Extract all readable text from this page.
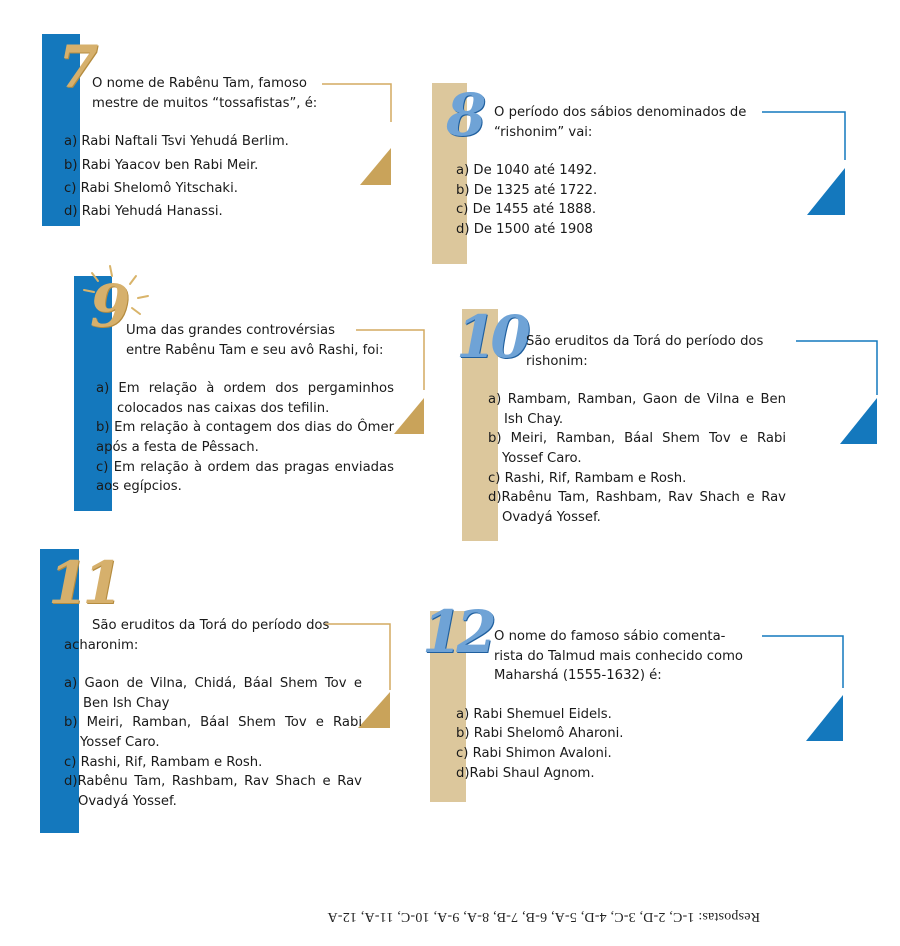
7
8
9	10
11
12

O nome de Rabênu Tam, famoso

mestre de muitos “tossafistas”, é:

a) Rabi Naftali Tsvi Yehudá Berlim.

b) Rabi Yaacov ben Rabi Meir.

c) Rabi Shelomô Yitschaki.

d) Rabi Yehudá Hanassi.

O período dos sábios denominados de

“rishonim” vai:

a) De 1040 até 1492.

b) De 1325 até 1722.

c) De 1455 até 1888.

d) De 1500 até 1908

Uma das grandes controvérsias

entre Rabênu Tam e seu avô Rashi, foi:

a) Em relação à ordem dos pergaminhos colocados nas caixas dos tefilin.

b) Em relação à contagem dos dias do Ômer após a festa de Pêssach.

c) Em relação à ordem das pragas enviadas aos egípcios.

São eruditos da Torá do período dos

rishonim:

a) Rambam, Ramban, Gaon de Vilna e Ben Ish Chay.

b) Meiri, Ramban, Báal Shem Tov e Rabi Yossef Caro.

c) Rashi, Rif, Rambam e Rosh.

d)Rabênu Tam, Rashbam, Rav Shach e Rav Ovadyá Yossef.

São eruditos da Torá do período dos

acharonim:

a) Gaon de Vilna, Chidá, Báal Shem Tov e Ben Ish Chay

b) Meiri, Ramban, Báal Shem Tov e Rabi Yossef Caro.

c) Rashi, Rif, Rambam e Rosh.

d)Rabênu Tam, Rashbam, Rav Shach e Rav Ovadyá Yossef.

O nome do famoso sábio comenta-

rista do Talmud mais conhecido como

Maharshá (1555-1632) é:

a) Rabi Shemuel Eidels.

b) Rabi Shelomô Aharoni.

c) Rabi Shimon Avaloni.

d)Rabi Shaul Agnom.

Respostas: 1-C, 2-D, 3-C, 4-D, 5-A, 6-B, 7-B, 8-A, 9-A, 10-C, 11-A, 12-A
